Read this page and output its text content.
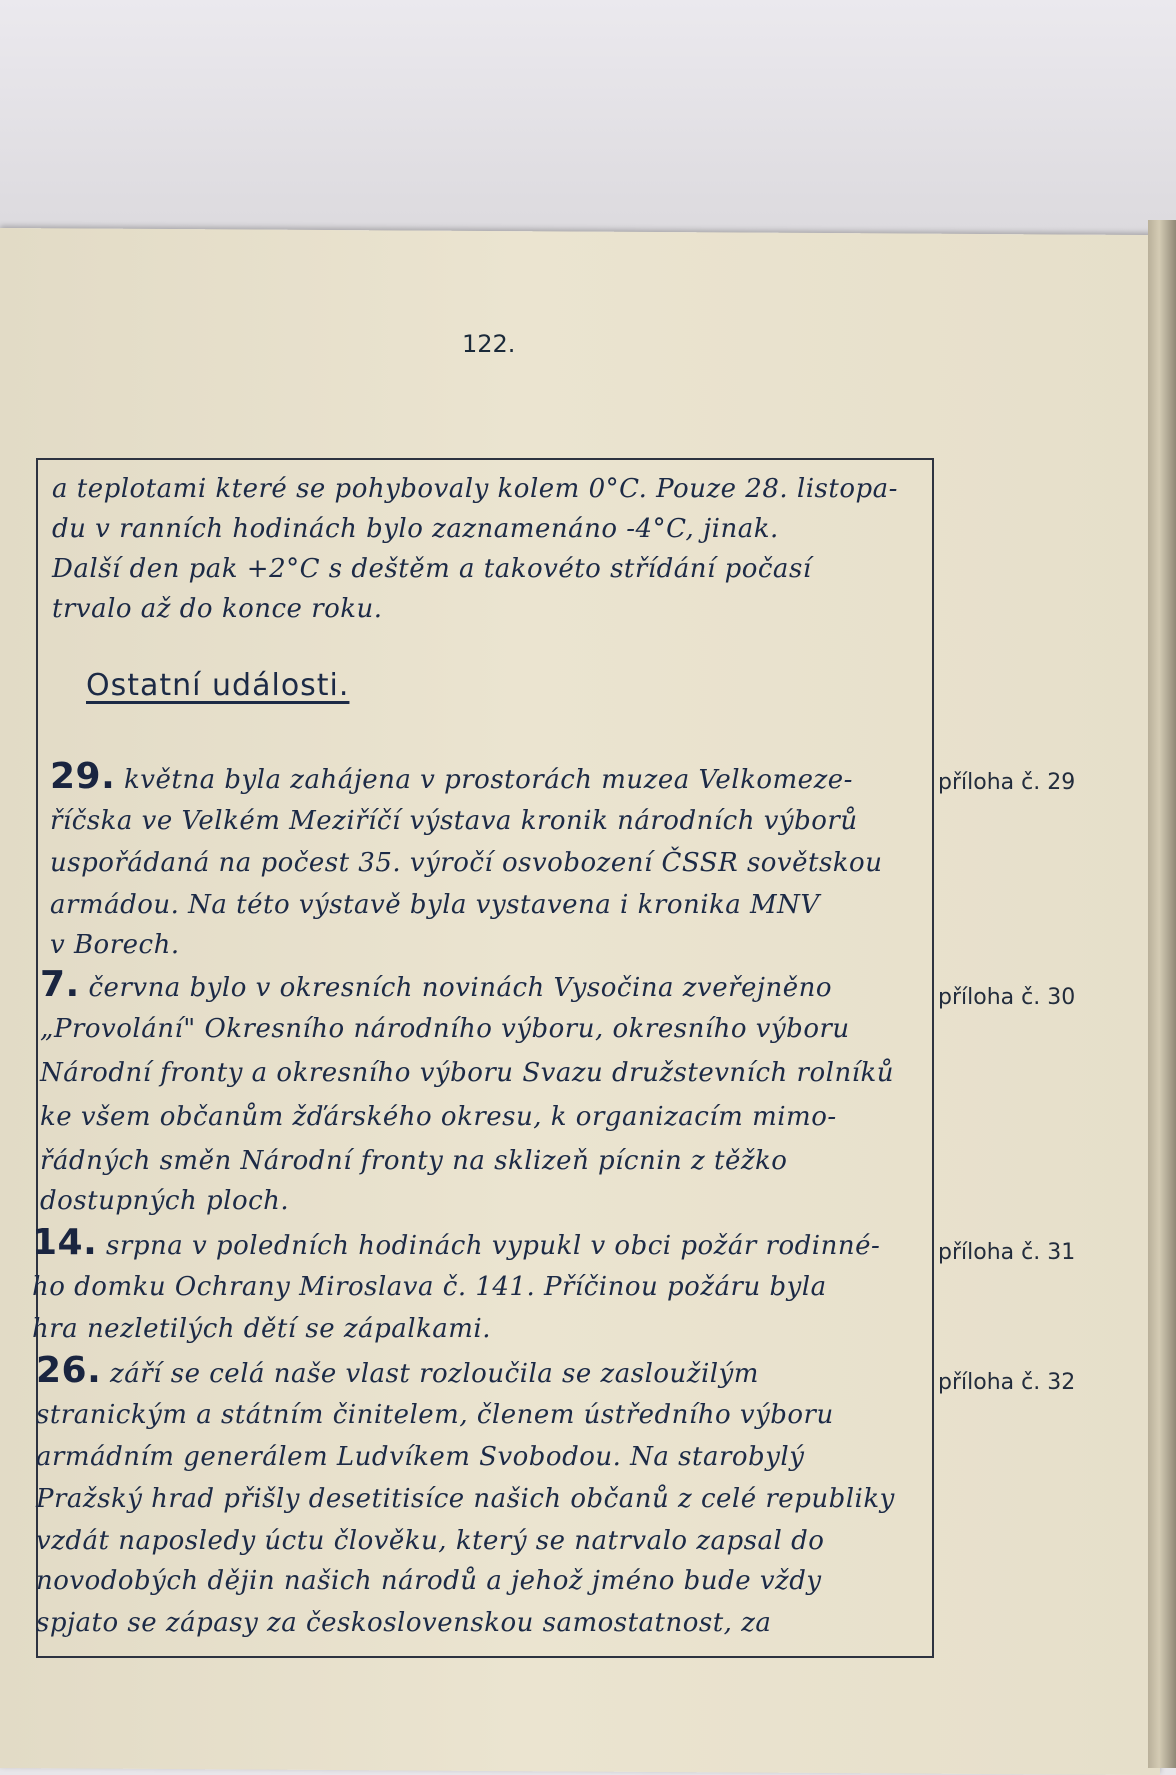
122.
a teplotami které se pohybovaly kolem 0°C. Pouze 28. listopa-
du v ranních hodinách bylo zaznamenáno -4°C, jinak.
Další den pak +2°C s deštěm a takovéto střídání počasí
trvalo až do konce roku.
Ostatní události.
29. května byla zahájena v prostorách muzea Velkomeze-
říčska ve Velkém Meziříčí výstava kronik národních výborů
uspořádaná na počest 35. výročí osvobození ČSSR sovětskou
armádou. Na této výstavě byla vystavena i kronika MNV
v Borech.
příloha č. 29
7. června bylo v okresních novinách Vysočina zveřejněno
„Provolání" Okresního národního výboru, okresního výboru
Národní fronty a okresního výboru Svazu družstevních rolníků
ke všem občanům žďárského okresu, k organizacím mimo-
řádných směn Národní fronty na sklizeň pícnin z těžko
dostupných ploch.
příloha č. 30
14. srpna v poledních hodinách vypukl v obci požár rodinné-
ho domku Ochrany Miroslava č. 141. Příčinou požáru byla
hra nezletilých dětí se zápalkami.
příloha č. 31
26. září se celá naše vlast rozloučila se zasloužilým
stranickým a státním činitelem, členem ústředního výboru
armádním generálem Ludvíkem Svobodou. Na starobylý
Pražský hrad přišly desetitisíce našich občanů z celé republiky
vzdát naposledy úctu člověku, který se natrvalo zapsal do
novodobých dějin našich národů a jehož jméno bude vždy
spjato se zápasy za československou samostatnost, za
příloha č. 32
